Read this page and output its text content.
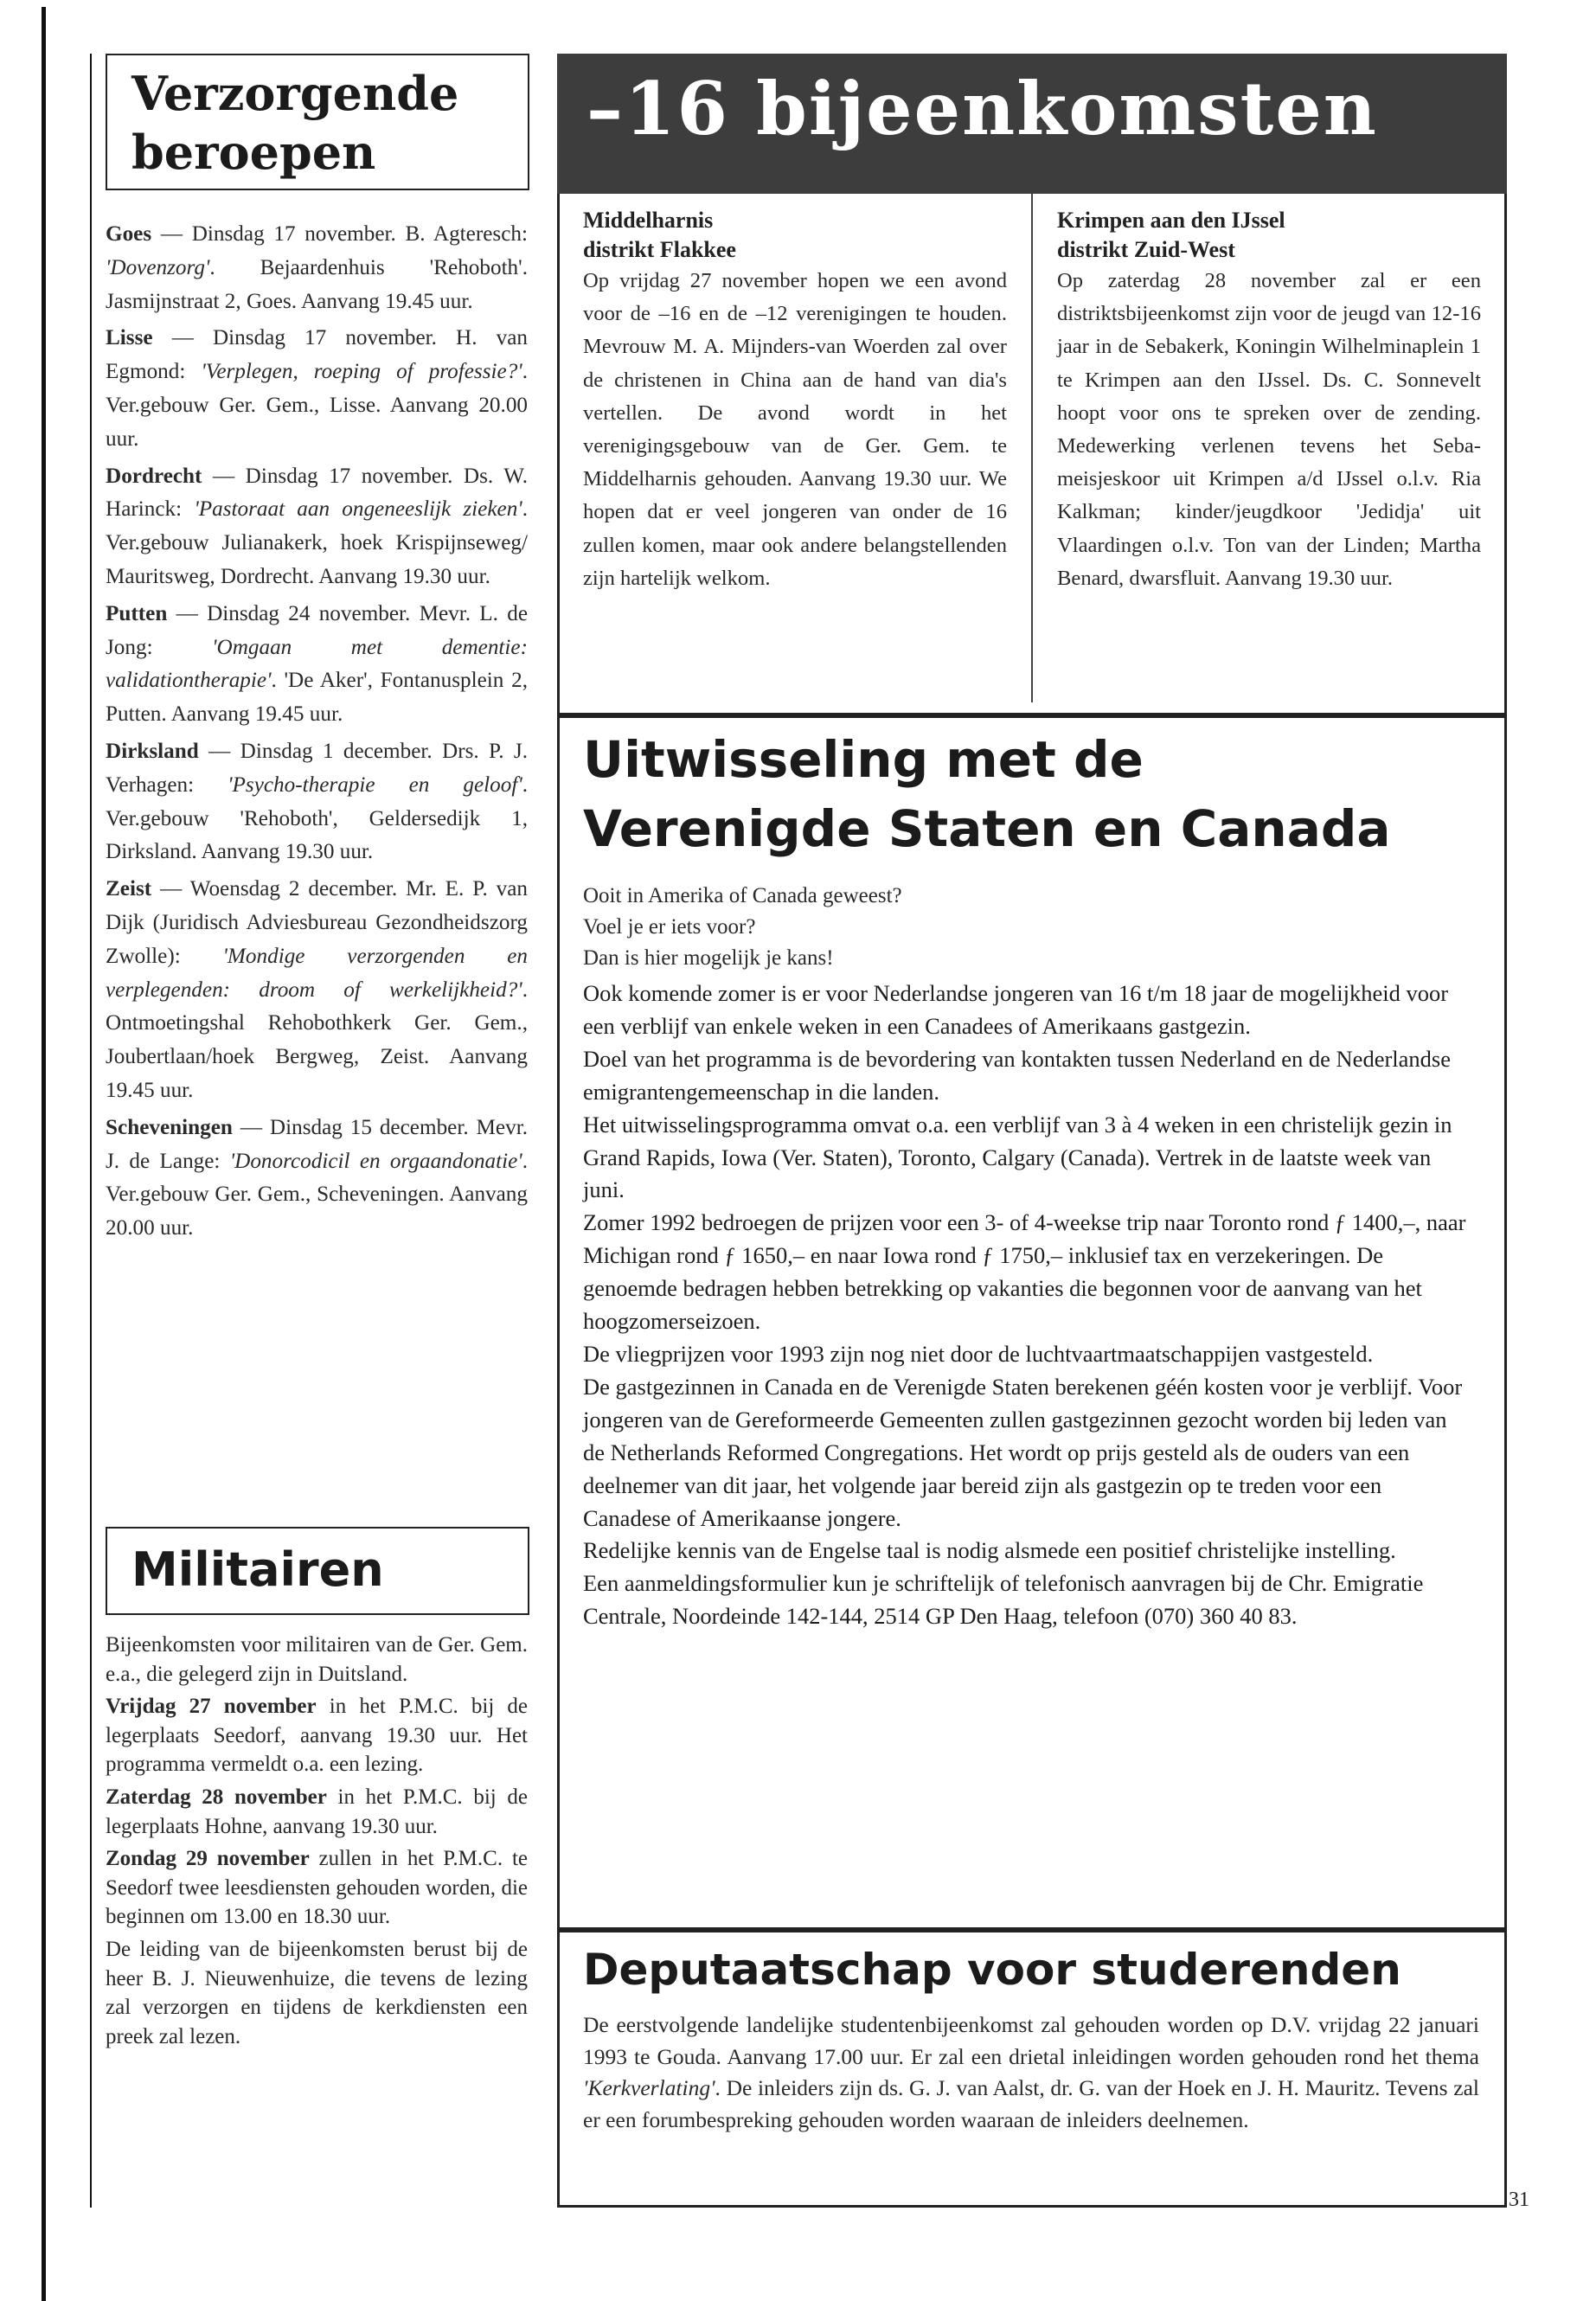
Verzorgende
beroepen

Goes — Dinsdag 17 november. B. Agteresch: 'Dovenzorg'. Bejaardenhuis 'Rehoboth'. Jasmijnstraat 2, Goes. Aanvang 19.45 uur.

Lisse — Dinsdag 17 november. H. van Egmond: 'Verplegen, roeping of professie?'. Ver.gebouw Ger. Gem., Lisse. Aanvang 20.00 uur.

Dordrecht — Dinsdag 17 november. Ds. W. Harinck: 'Pastoraat aan ongeneeslijk zieken'. Ver.gebouw Julianakerk, hoek Krispijnseweg/ Mauritsweg, Dordrecht. Aanvang 19.30 uur.

Putten — Dinsdag 24 november. Mevr. L. de Jong: 'Omgaan met dementie: validationtherapie'. 'De Aker', Fontanusplein 2, Putten. Aanvang 19.45 uur.

Dirksland — Dinsdag 1 december. Drs. P. J. Verhagen: 'Psycho-therapie en geloof'. Ver.gebouw 'Rehoboth', Geldersedijk 1, Dirksland. Aanvang 19.30 uur.

Zeist — Woensdag 2 december. Mr. E. P. van Dijk (Juridisch Adviesbureau Gezondheidszorg Zwolle): 'Mondige verzorgenden en verplegenden: droom of werkelijkheid?'. Ontmoetingshal Rehobothkerk Ger. Gem., Joubertlaan/hoek Bergweg, Zeist. Aanvang 19.45 uur.

Scheveningen — Dinsdag 15 december. Mevr. J. de Lange: 'Donorcodicil en orgaandonatie'. Ver.gebouw Ger. Gem., Scheveningen. Aanvang 20.00 uur.

Militairen

Bijeenkomsten voor militairen van de Ger. Gem. e.a., die gelegerd zijn in Duitsland.

Vrijdag 27 november in het P.M.C. bij de legerplaats Seedorf, aanvang 19.30 uur. Het programma vermeldt o.a. een lezing.

Zaterdag 28 november in het P.M.C. bij de legerplaats Hohne, aanvang 19.30 uur.

Zondag 29 november zullen in het P.M.C. te Seedorf twee leesdiensten gehouden worden, die beginnen om 13.00 en 18.30 uur.

De leiding van de bijeenkomsten berust bij de heer B. J. Nieuwenhuize, die tevens de lezing zal verzorgen en tijdens de kerkdiensten een preek zal lezen.

–16 bijeenkomsten
Middelharnis
distrikt Flakkee

Op vrijdag 27 november hopen we een avond voor de –16 en de –12 verenigingen te houden. Mevrouw M. A. Mijnders-van Woerden zal over de christenen in China aan de hand van dia's vertellen. De avond wordt in het verenigingsgebouw van de Ger. Gem. te Middelharnis gehouden. Aanvang 19.30 uur. We hopen dat er veel jongeren van onder de 16 zullen komen, maar ook andere belangstellenden zijn hartelijk welkom.

Krimpen aan den IJssel
distrikt Zuid-West

Op zaterdag 28 november zal er een distriktsbijeenkomst zijn voor de jeugd van 12-16 jaar in de Sebakerk, Koningin Wilhelminaplein 1 te Krimpen aan den IJssel. Ds. C. Sonnevelt hoopt voor ons te spreken over de zending. Medewerking verlenen tevens het Seba-meisjeskoor uit Krimpen a/d IJssel o.l.v. Ria Kalkman; kinder/jeugdkoor 'Jedidja' uit Vlaardingen o.l.v. Ton van der Linden; Martha Benard, dwarsfluit. Aanvang 19.30 uur.

Uitwisseling met de
Verenigde Staten en Canada
Ooit in Amerika of Canada geweest?
Voel je er iets voor?
Dan is hier mogelijk je kans!

Ook komende zomer is er voor Nederlandse jongeren van 16 t/m 18 jaar de mogelijkheid voor een verblijf van enkele weken in een Canadees of Amerikaans gastgezin.

Doel van het programma is de bevordering van kontakten tussen Nederland en de Nederlandse emigrantengemeenschap in die landen.

Het uitwisselingsprogramma omvat o.a. een verblijf van 3 à 4 weken in een christelijk gezin in Grand Rapids, Iowa (Ver. Staten), Toronto, Calgary (Canada). Vertrek in de laatste week van juni.

Zomer 1992 bedroegen de prijzen voor een 3- of 4-weekse trip naar Toronto rond ƒ 1400,–, naar Michigan rond ƒ 1650,– en naar Iowa rond ƒ 1750,– inklusief tax en verzekeringen. De genoemde bedragen hebben betrekking op vakanties die begonnen voor de aanvang van het hoogzomerseizoen.

De vliegprijzen voor 1993 zijn nog niet door de luchtvaartmaatschappijen vastgesteld.

De gastgezinnen in Canada en de Verenigde Staten berekenen géén kosten voor je verblijf. Voor jongeren van de Gereformeerde Gemeenten zullen gastgezinnen gezocht worden bij leden van de Netherlands Reformed Congregations. Het wordt op prijs gesteld als de ouders van een deelnemer van dit jaar, het volgende jaar bereid zijn als gastgezin op te treden voor een Canadese of Amerikaanse jongere.

Redelijke kennis van de Engelse taal is nodig alsmede een positief christelijke instelling.

Een aanmeldingsformulier kun je schriftelijk of telefonisch aanvragen bij de Chr. Emigratie Centrale, Noordeinde 142-144, 2514 GP Den Haag, telefoon (070) 360 40 83.

Deputaatschap voor studerenden
De eerstvolgende landelijke studentenbijeenkomst zal gehouden worden op D.V. vrijdag 22 januari 1993 te Gouda. Aanvang 17.00 uur. Er zal een drietal inleidingen worden gehouden rond het thema 'Kerkverlating'. De inleiders zijn ds. G. J. van Aalst, dr. G. van der Hoek en J. H. Mauritz. Tevens zal er een forumbespreking gehouden worden waaraan de inleiders deelnemen.
31
